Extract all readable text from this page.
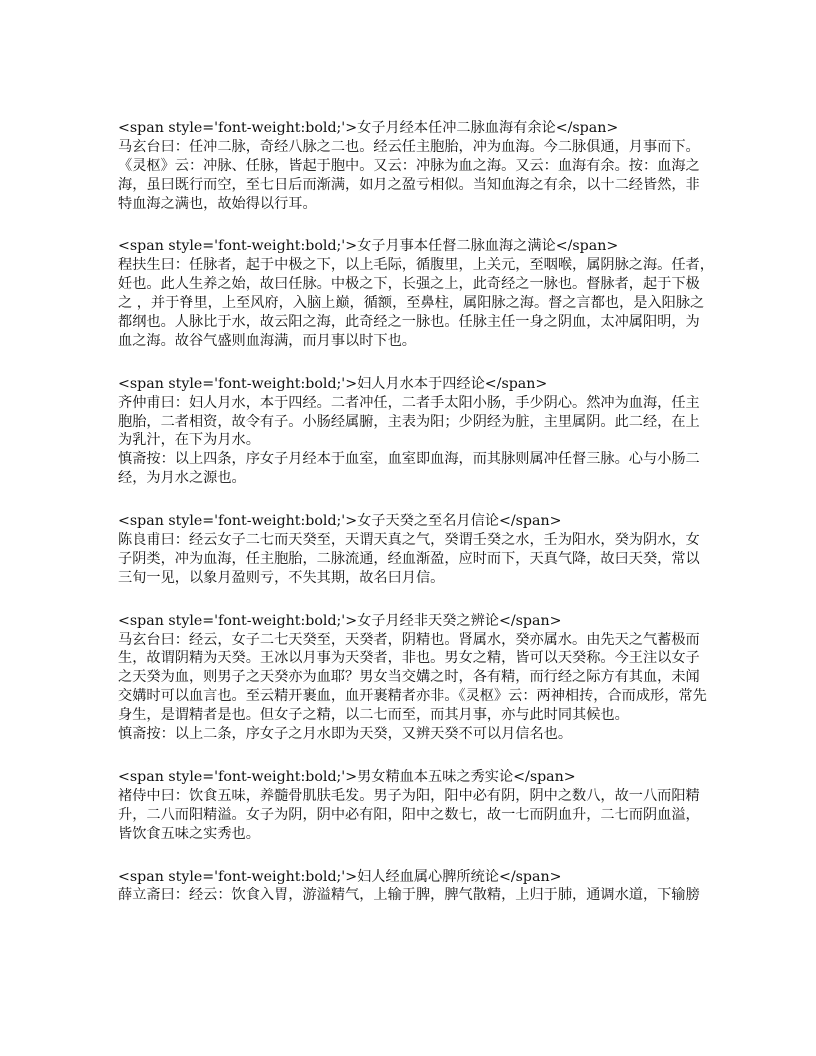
<span style='font-weight:bold;'>女子月经本任冲二脉血海有余论</span>
马玄台曰：任冲二脉，奇经八脉之二也。经云任主胞胎，冲为血海。今二脉俱通，月事而下。
《灵枢》云：冲脉、任脉，皆起于胞中。又云：冲脉为血之海。又云：血海有余。按：血海之
海，虽曰既行而空，至七日后而渐满，如月之盈亏相似。当知血海之有余，以十二经皆然，非
特血海之满也，故始得以行耳。
<span style='font-weight:bold;'>女子月事本任督二脉血海之满论</span>
程扶生曰：任脉者，起于中极之下，以上毛际，循腹里，上关元，至咽喉，属阴脉之海。任者，
妊也。此人生养之始，故曰任脉。中极之下，长强之上，此奇经之一脉也。督脉者，起于下极
之 ，并于脊里，上至风府，入脑上巅，循额，至鼻柱，属阳脉之海。督之言都也，是入阳脉之
都纲也。人脉比于水，故云阳之海，此奇经之一脉也。任脉主任一身之阴血，太冲属阳明，为
血之海。故谷气盛则血海满，而月事以时下也。
<span style='font-weight:bold;'>妇人月水本于四经论</span>
齐仲甫曰：妇人月水，本于四经。二者冲任，二者手太阳小肠，手少阴心。然冲为血海，任主
胞胎，二者相资，故令有子。小肠经属腑，主表为阳；少阴经为脏，主里属阴。此二经，在上
为乳汁，在下为月水。
慎斋按：以上四条，序女子月经本于血室，血室即血海，而其脉则属冲任督三脉。心与小肠二
经，为月水之源也。
<span style='font-weight:bold;'>女子天癸之至名月信论</span>
陈良甫曰：经云女子二七而天癸至，天谓天真之气，癸谓壬癸之水，壬为阳水，癸为阴水，女
子阴类，冲为血海，任主胞胎，二脉流通，经血渐盈，应时而下，天真气降，故曰天癸，常以
三旬一见，以象月盈则亏，不失其期，故名曰月信。
<span style='font-weight:bold;'>女子月经非天癸之辨论</span>
马玄台曰：经云，女子二七天癸至，天癸者，阴精也。肾属水，癸亦属水。由先天之气蓄极而
生，故谓阴精为天癸。王冰以月事为天癸者，非也。男女之精，皆可以天癸称。今王注以女子
之天癸为血，则男子之天癸亦为血耶？男女当交媾之时，各有精，而行经之际方有其血，未闻
交媾时可以血言也。至云精开裹血，血开裹精者亦非。《灵枢》云：两神相抟，合而成形，常先
身生，是谓精者是也。但女子之精，以二七而至，而其月事，亦与此时同其候也。
慎斋按：以上二条，序女子之月水即为天癸，又辨天癸不可以月信名也。
<span style='font-weight:bold;'>男女精血本五味之秀实论</span>
褚侍中曰：饮食五味，养髓骨肌肤毛发。男子为阳，阳中必有阴，阴中之数八，故一八而阳精
升，二八而阳精溢。女子为阴，阴中必有阳，阳中之数七，故一七而阴血升，二七而阴血溢，
皆饮食五味之实秀也。
<span style='font-weight:bold;'>妇人经血属心脾所统论</span>
薛立斋曰：经云：饮食入胃，游溢精气，上输于脾，脾气散精，上归于肺，通调水道，下输膀
